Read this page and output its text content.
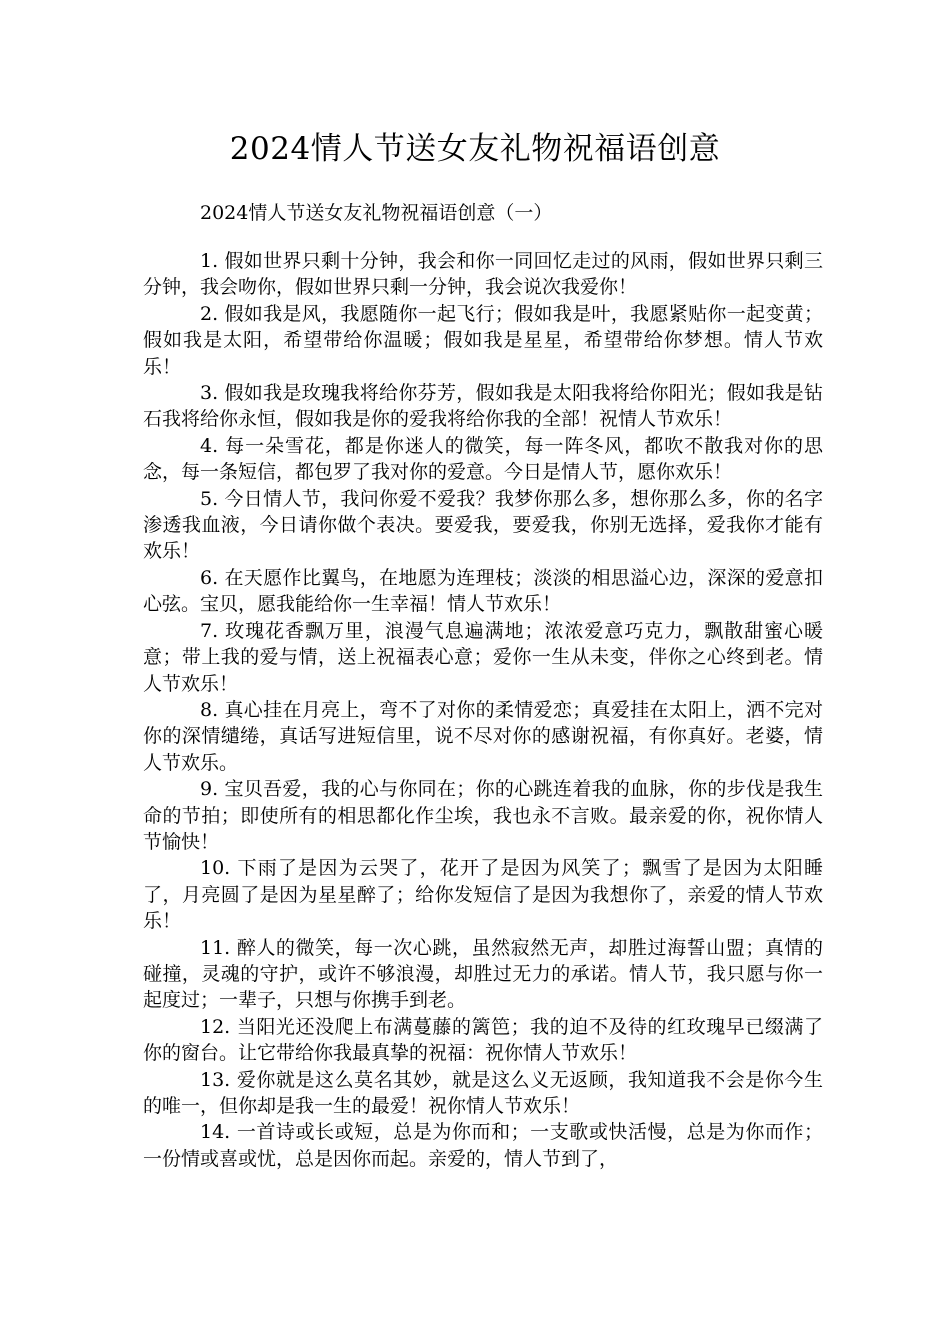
2024情人节送女友礼物祝福语创意

2024情人节送女友礼物祝福语创意（一）

1. 假如世界只剩十分钟，我会和你一同回忆走过的风雨，假如世界只剩三分钟，我会吻你，假如世界只剩一分钟，我会说次我爱你！

2. 假如我是风，我愿随你一起飞行；假如我是叶，我愿紧贴你一起变黄；假如我是太阳，希望带给你温暖；假如我是星星，希望带给你梦想。情人节欢乐！

3. 假如我是玫瑰我将给你芬芳，假如我是太阳我将给你阳光；假如我是钻石我将给你永恒，假如我是你的爱我将给你我的全部！祝情人节欢乐！

4. 每一朵雪花，都是你迷人的微笑，每一阵冬风，都吹不散我对你的思念，每一条短信，都包罗了我对你的爱意。今日是情人节，愿你欢乐！

5. 今日情人节，我问你爱不爱我？我梦你那么多，想你那么多，你的名字渗透我血液，今日请你做个表决。要爱我，要爱我，你别无选择，爱我你才能有欢乐！

6. 在天愿作比翼鸟，在地愿为连理枝；淡淡的相思溢心边，深深的爱意扣心弦。宝贝，愿我能给你一生幸福！情人节欢乐！

7. 玫瑰花香飘万里，浪漫气息遍满地；浓浓爱意巧克力，飘散甜蜜心暖意；带上我的爱与情，送上祝福表心意；爱你一生从未变，伴你之心终到老。情人节欢乐！

8. 真心挂在月亮上，弯不了对你的柔情爱恋；真爱挂在太阳上，洒不完对你的深情缱绻，真话写进短信里，说不尽对你的感谢祝福，有你真好。老婆，情人节欢乐。

9. 宝贝吾爱，我的心与你同在；你的心跳连着我的血脉，你的步伐是我生命的节拍；即使所有的相思都化作尘埃，我也永不言败。最亲爱的你，祝你情人节愉快！

10. 下雨了是因为云哭了，花开了是因为风笑了；飘雪了是因为太阳睡了，月亮圆了是因为星星醉了；给你发短信了是因为我想你了，亲爱的情人节欢乐！

11. 醉人的微笑，每一次心跳，虽然寂然无声，却胜过海誓山盟；真情的碰撞，灵魂的守护，或许不够浪漫，却胜过无力的承诺。情人节，我只愿与你一起度过；一辈子，只想与你携手到老。

12. 当阳光还没爬上布满蔓藤的篱笆；我的迫不及待的红玫瑰早已缀满了你的窗台。让它带给你我最真挚的祝福：祝你情人节欢乐！

13. 爱你就是这么莫名其妙，就是这么义无返顾，我知道我不会是你今生的唯一，但你却是我一生的最爱！祝你情人节欢乐！

14. 一首诗或长或短，总是为你而和；一支歌或快活慢，总是为你而作；一份情或喜或忧，总是因你而起。亲爱的，情人节到了，
